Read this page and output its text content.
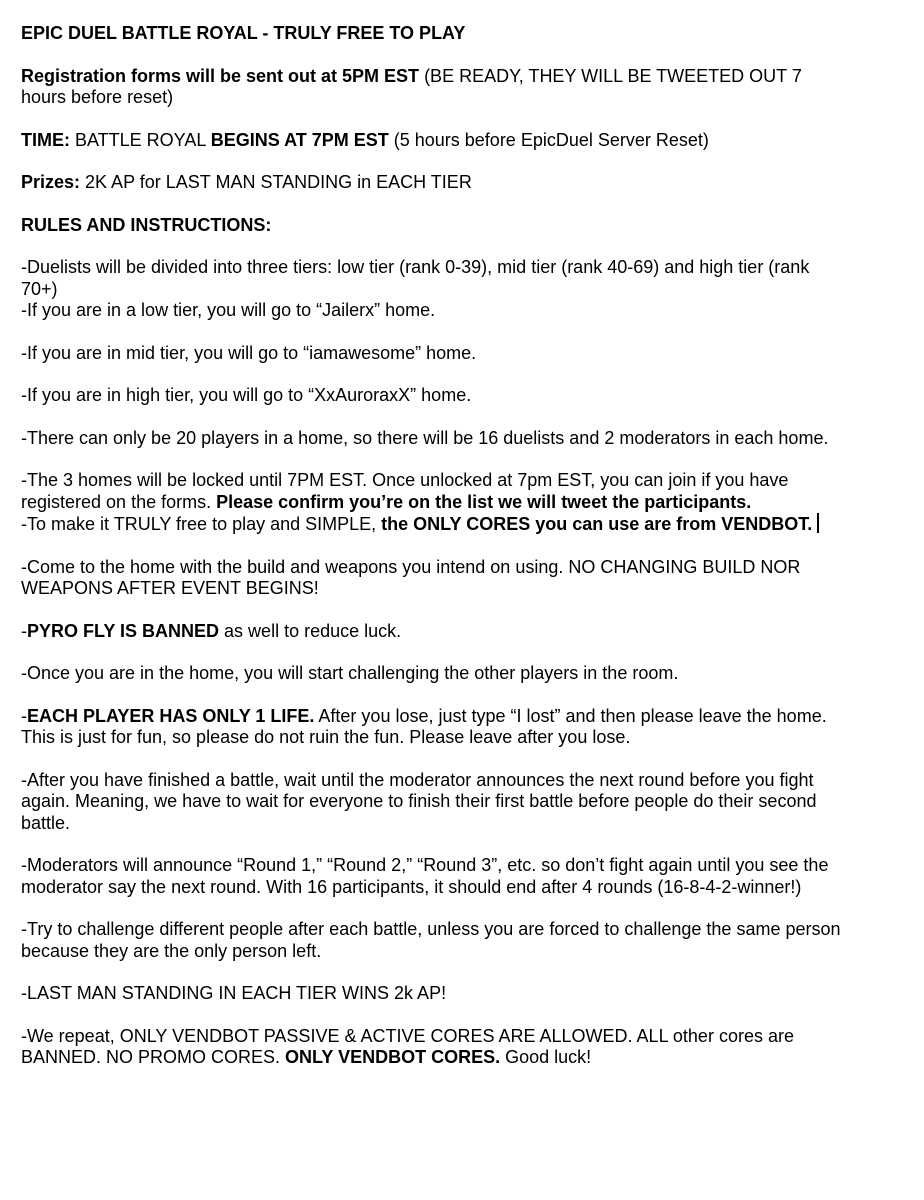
EPIC DUEL BATTLE ROYAL - TRULY FREE TO PLAY

Registration forms will be sent out at 5PM EST (BE READY, THEY WILL BE TWEETED OUT 7 hours before reset)

TIME: BATTLE ROYAL BEGINS AT 7PM EST (5 hours before EpicDuel Server Reset)

Prizes: 2K AP for LAST MAN STANDING in EACH TIER

RULES AND INSTRUCTIONS:

-Duelists will be divided into three tiers: low tier (rank 0-39), mid tier (rank 40-69) and high tier (rank 70+)

-If you are in a low tier, you will go to “Jailerx” home.

-If you are in mid tier, you will go to “iamawesome” home.

-If you are in high tier, you will go to “XxAuroraxX” home.

-There can only be 20 players in a home, so there will be 16 duelists and 2 moderators in each home.

-The 3 homes will be locked until 7PM EST. Once unlocked at 7pm EST, you can join if you have registered on the forms. Please confirm you’re on the list we will tweet the participants.

-To make it TRULY free to play and SIMPLE, the ONLY CORES you can use are from VENDBOT.

-Come to the home with the build and weapons you intend on using. NO CHANGING BUILD NOR WEAPONS AFTER EVENT BEGINS!

-PYRO FLY IS BANNED as well to reduce luck.

-Once you are in the home, you will start challenging the other players in the room.

-EACH PLAYER HAS ONLY 1 LIFE. After you lose, just type “I lost” and then please leave the home. This is just for fun, so please do not ruin the fun. Please leave after you lose.

-After you have finished a battle, wait until the moderator announces the next round before you fight again. Meaning, we have to wait for everyone to finish their first battle before people do their second battle.

-Moderators will announce “Round 1,” “Round 2,” “Round 3”, etc. so don’t fight again until you see the moderator say the next round. With 16 participants, it should end after 4 rounds (16-8-4-2-winner!)

-Try to challenge different people after each battle, unless you are forced to challenge the same person because they are the only person left.

-LAST MAN STANDING IN EACH TIER WINS 2k AP!

-We repeat, ONLY VENDBOT PASSIVE & ACTIVE CORES ARE ALLOWED. ALL other cores are BANNED. NO PROMO CORES. ONLY VENDBOT CORES. Good luck!
